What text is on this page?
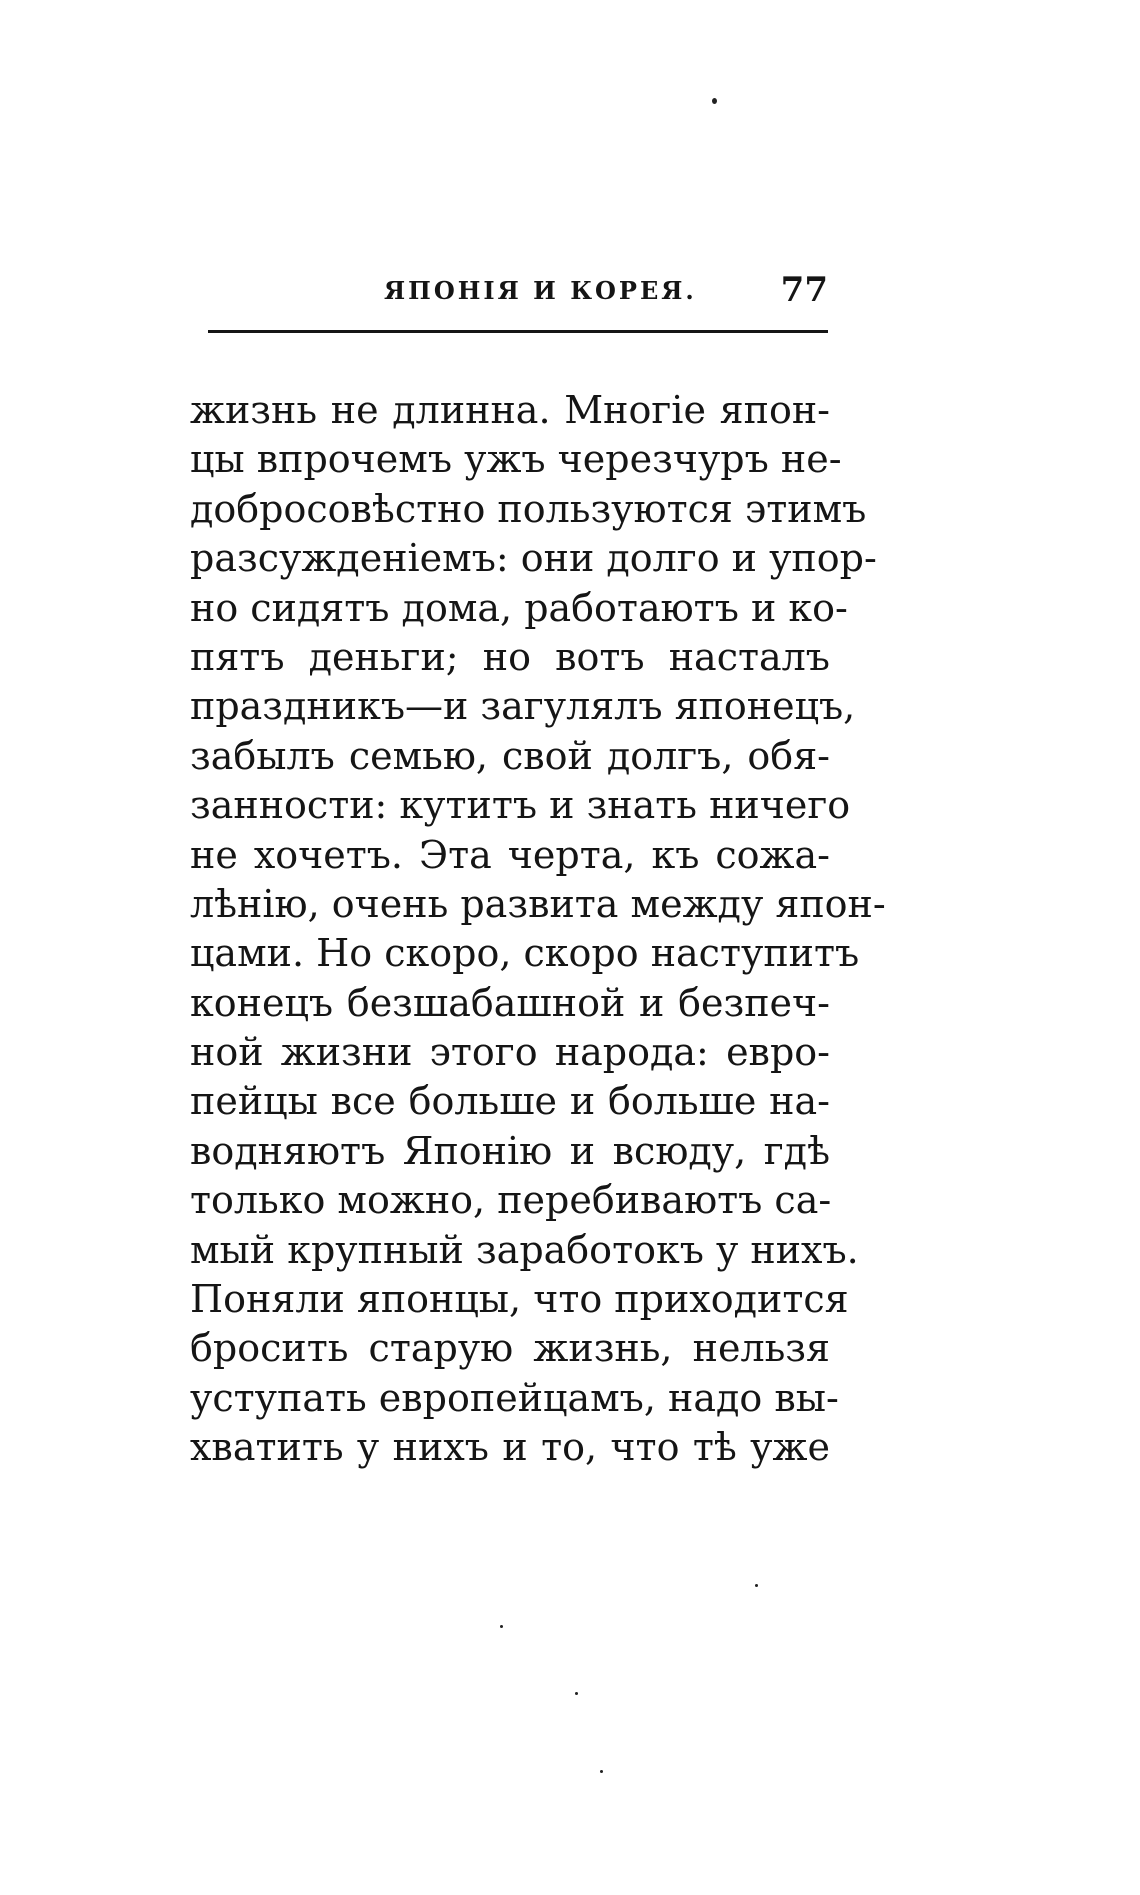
ЯПОНІЯ И КОРЕЯ. 77
жизнь не длинна. Многіе япон-
цы впрочемъ ужъ черезчуръ не-
добросовѣстно пользуются этимъ
разсужденіемъ: они долго и упор-
но сидятъ дома, работаютъ и ко-
пятъ деньги; но вотъ насталъ
праздникъ—и загулялъ японецъ,
забылъ семью, свой долгъ, обя-
занности: кутитъ и знать ничего
не хочетъ. Эта черта, къ сожа-
лѣнію, очень развита между япон-
цами. Но скоро, скоро наступитъ
конецъ безшабашной и безпеч-
ной жизни этого народа: евро-
пейцы все больше и больше на-
водняютъ Японію и всюду, гдѣ
только можно, перебиваютъ са-
мый крупный заработокъ у нихъ.
Поняли японцы, что приходится
бросить старую жизнь, нельзя
уступать европейцамъ, надо вы-
хватить у нихъ и то, что тѣ уже
